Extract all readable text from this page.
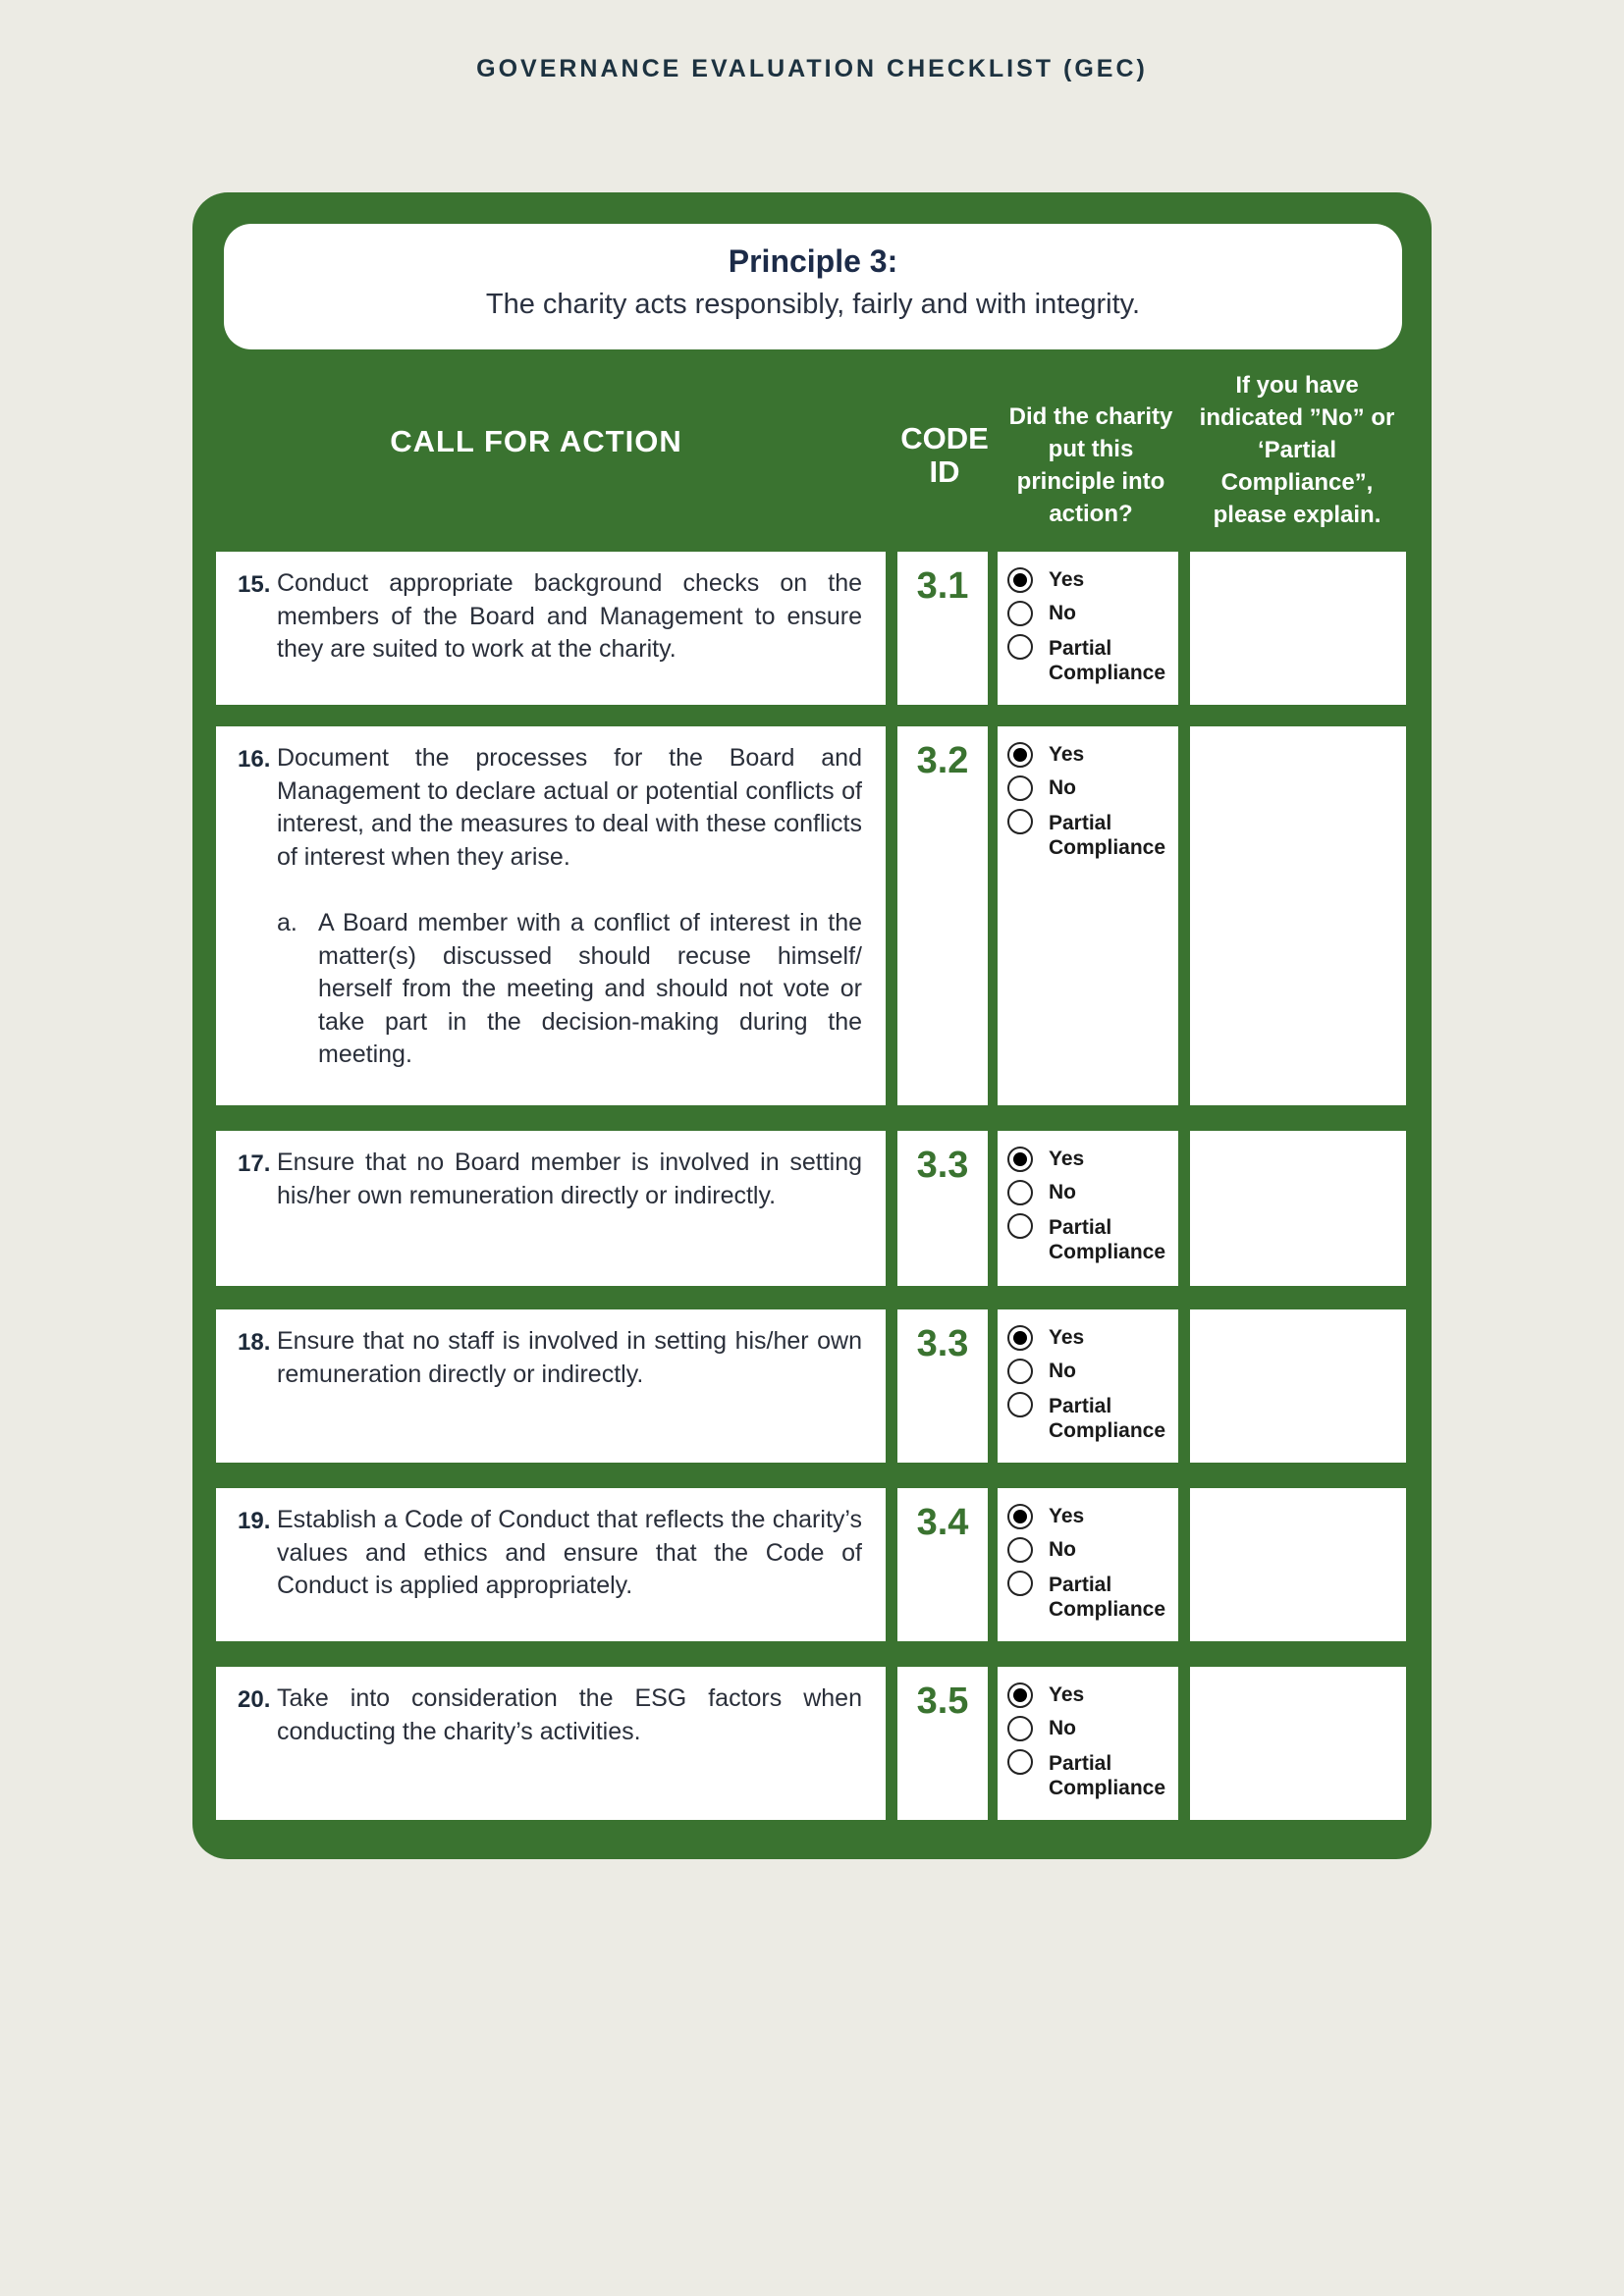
GOVERNANCE EVALUATION CHECKLIST (GEC)
Principle 3:
The charity acts responsibly, fairly and with integrity.
CALL FOR ACTION	CODE ID
Did the charity put this principle into action?
If you have indicated ”No” or ‘Partial Compliance”, please explain.
15. Conduct appropriate background checks on the members of the Board and Management to ensure they are suited to work at the charity.
3.1	Yes
No
Partial
Compliance
16. Document the processes for the Board and Management to declare actual or potential conflicts of interest, and the measures to deal with these conflicts of interest when they arise.
a. A Board member with a conflict of interest in the matter(s) discussed should recuse himself/ herself from the meeting and should not vote or take part in the decision-making during the meeting.
3.2	Yes
No
Partial
Compliance
17. Ensure that no Board member is involved in setting his/her own remuneration directly or indirectly.
3.3	Yes
No
Partial
Compliance
18. Ensure that no staff is involved in setting his/her own remuneration directly or indirectly.
3.3	Yes
No
Partial
Compliance
19. Establish a Code of Conduct that reflects the charity’s values and ethics and ensure that the Code of Conduct is applied appropriately.
3.4	Yes
No
Partial
Compliance
20. Take into consideration the ESG factors when conducting the charity’s activities.
3.5	Yes
No
Partial
Compliance
